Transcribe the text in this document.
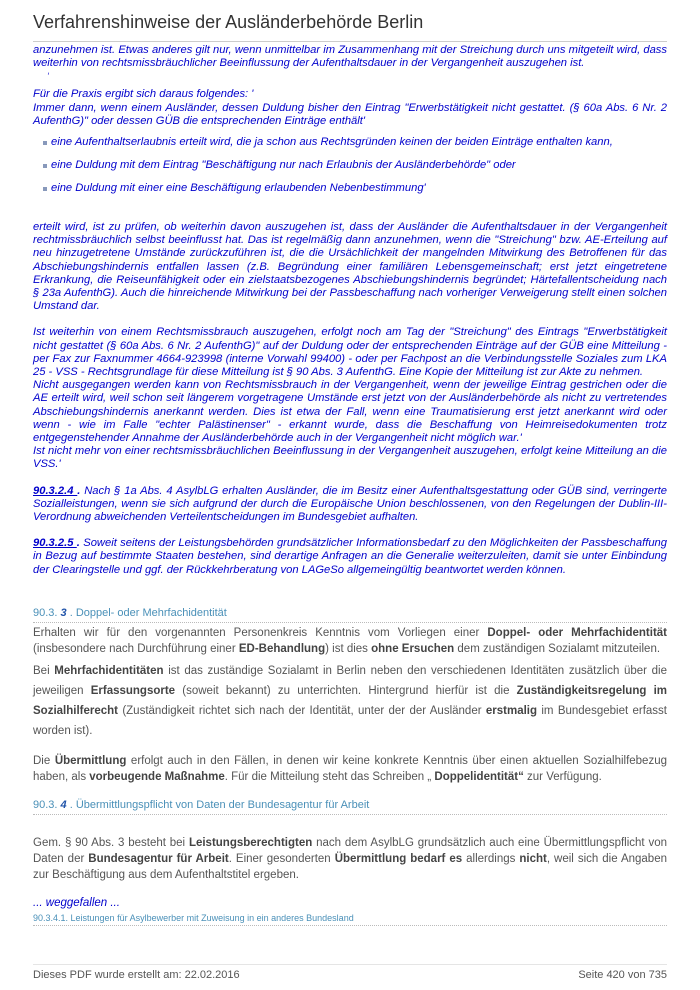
Verfahrenshinweise der Ausländerbehörde Berlin

anzunehmen ist. Etwas anderes gilt nur, wenn unmittelbar im Zusammenhang mit der Streichung durch uns mitgeteilt wird, dass weiterhin von rechtsmissbräuchlicher Beeinflussung der Aufenthaltsdauer in der Vergangenheit auszugehen ist.

‘

Für die Praxis ergibt sich daraus folgendes: '

Immer dann, wenn einem Ausländer, dessen Duldung bisher den Eintrag "Erwerbstätigkeit nicht gestattet. (§ 60a Abs. 6 Nr. 2 AufenthG)" oder dessen GÜB die entsprechenden Einträge enthält'

eine Aufenthaltserlaubnis erteilt wird, die ja schon aus Rechtsgründen keinen der beiden Einträge enthalten kann,
eine Duldung mit dem Eintrag "Beschäftigung nur nach Erlaubnis der Ausländerbehörde" oder
eine Duldung mit einer eine Beschäftigung erlaubenden Nebenbestimmung'

erteilt wird, ist zu prüfen, ob weiterhin davon auszugehen ist, dass der Ausländer die Aufenthaltsdauer in der Vergangenheit rechtmissbräuchlich selbst beeinflusst hat. Das ist regelmäßig dann anzunehmen, wenn die "Streichung" bzw. AE-Erteilung auf neu hinzugetretene Umstände zurückzuführen ist, die die Ursächlichkeit der mangelnden Mitwirkung des Betroffenen für das Abschiebungshindernis entfallen lassen (z.B. Begründung einer familiären Lebensgemeinschaft; erst jetzt eingetretene Erkrankung, die Reiseunfähigkeit oder ein zielstaatsbezogenes Abschiebungshindernis begründet; Härtefallentscheidung nach § 23a AufenthG). Auch die hinreichende Mitwirkung bei der Passbeschaffung nach vorheriger Verweigerung stellt einen solchen Umstand dar.

Ist weiterhin von einem Rechtsmissbrauch auszugehen, erfolgt noch am Tag der "Streichung" des Eintrags "Erwerbstätigkeit nicht gestattet (§ 60a Abs. 6 Nr. 2 AufenthG)" auf der Duldung oder der entsprechenden Einträge auf der GÜB eine Mitteilung - per Fax zur Faxnummer 4664-923998 (interne Vorwahl 99400) - oder per Fachpost an die Verbindungsstelle Soziales zum LKA 25 - VSS - Rechtsgrundlage für diese Mitteilung ist § 90 Abs. 3 AufenthG. Eine Kopie der Mitteilung ist zur Akte zu nehmen.

Nicht ausgegangen werden kann von Rechtsmissbrauch in der Vergangenheit, wenn der jeweilige Eintrag gestrichen oder die AE erteilt wird, weil schon seit längerem vorgetragene Umstände erst jetzt von der Ausländerbehörde als nicht zu vertretendes Abschiebungshindernis anerkannt werden. Dies ist etwa der Fall, wenn eine Traumatisierung erst jetzt anerkannt wird oder wenn - wie im Falle "echter Palästinenser" - erkannt wurde, dass die Beschaffung von Heimreisedokumenten trotz entgegenstehender Annahme der Ausländerbehörde auch in der Vergangenheit nicht möglich war.'

Ist nicht mehr von einer rechtsmissbräuchlichen Beeinflussung in der Vergangenheit auszugehen, erfolgt keine Mitteilung an die VSS.'

90.3.2.4 . Nach § 1a Abs. 4 AsylbLG erhalten Ausländer, die im Besitz einer Aufenthaltsgestattung oder GÜB sind, verringerte Sozialleistungen, wenn sie sich aufgrund der durch die Europäische Union beschlossenen, von den Regelungen der Dublin-III-Verordnung abweichenden Verteilentscheidungen im Bundesgebiet aufhalten.

90.3.2.5 . Soweit seitens der Leistungsbehörden grundsätzlicher Informationsbedarf zu den Möglichkeiten der Passbeschaffung in Bezug auf bestimmte Staaten bestehen, sind derartige Anfragen an die Generalie weiterzuleiten, damit sie unter Einbindung der Clearingstelle und ggf. der Rückkehrberatung von LAGeSo allgemeingültig beantwortet werden können.

90.3. 3 . Doppel- oder Mehrfachidentität

Erhalten wir für den vorgenannten Personenkreis Kenntnis vom Vorliegen einer Doppel- oder Mehrfachidentität (insbesondere nach Durchführung einer ED-Behandlung) ist dies ohne Ersuchen dem zuständigen Sozialamt mitzuteilen.

Bei Mehrfachidentitäten ist das zuständige Sozialamt in Berlin neben den verschiedenen Identitäten zusätzlich über die jeweiligen Erfassungsorte (soweit bekannt) zu unterrichten. Hintergrund hierfür ist die Zuständigkeitsregelung im Sozialhilferecht (Zuständigkeit richtet sich nach der Identität, unter der der Ausländer erstmalig im Bundesgebiet erfasst worden ist).

Die Übermittlung erfolgt auch in den Fällen, in denen wir keine konkrete Kenntnis über einen aktuellen Sozialhilfebezug haben, als vorbeugende Maßnahme. Für die Mitteilung steht das Schreiben „ Doppelidentität“ zur Verfügung.

90.3. 4 . Übermittlungspflicht von Daten der Bundesagentur für Arbeit

Gem. § 90 Abs. 3 besteht bei Leistungsberechtigten nach dem AsylbLG grundsätzlich auch eine Übermittlungspflicht von Daten der Bundesagentur für Arbeit. Einer gesonderten Übermittlung bedarf es allerdings nicht, weil sich die Angaben zur Beschäftigung aus dem Aufenthaltstitel ergeben.

... weggefallen ...
90.3.4.1. Leistungen für Asylbewerber mit Zuweisung in ein anderes Bundesland
Dieses PDF wurde erstellt am: 22.02.2016	Seite 420 von 735
